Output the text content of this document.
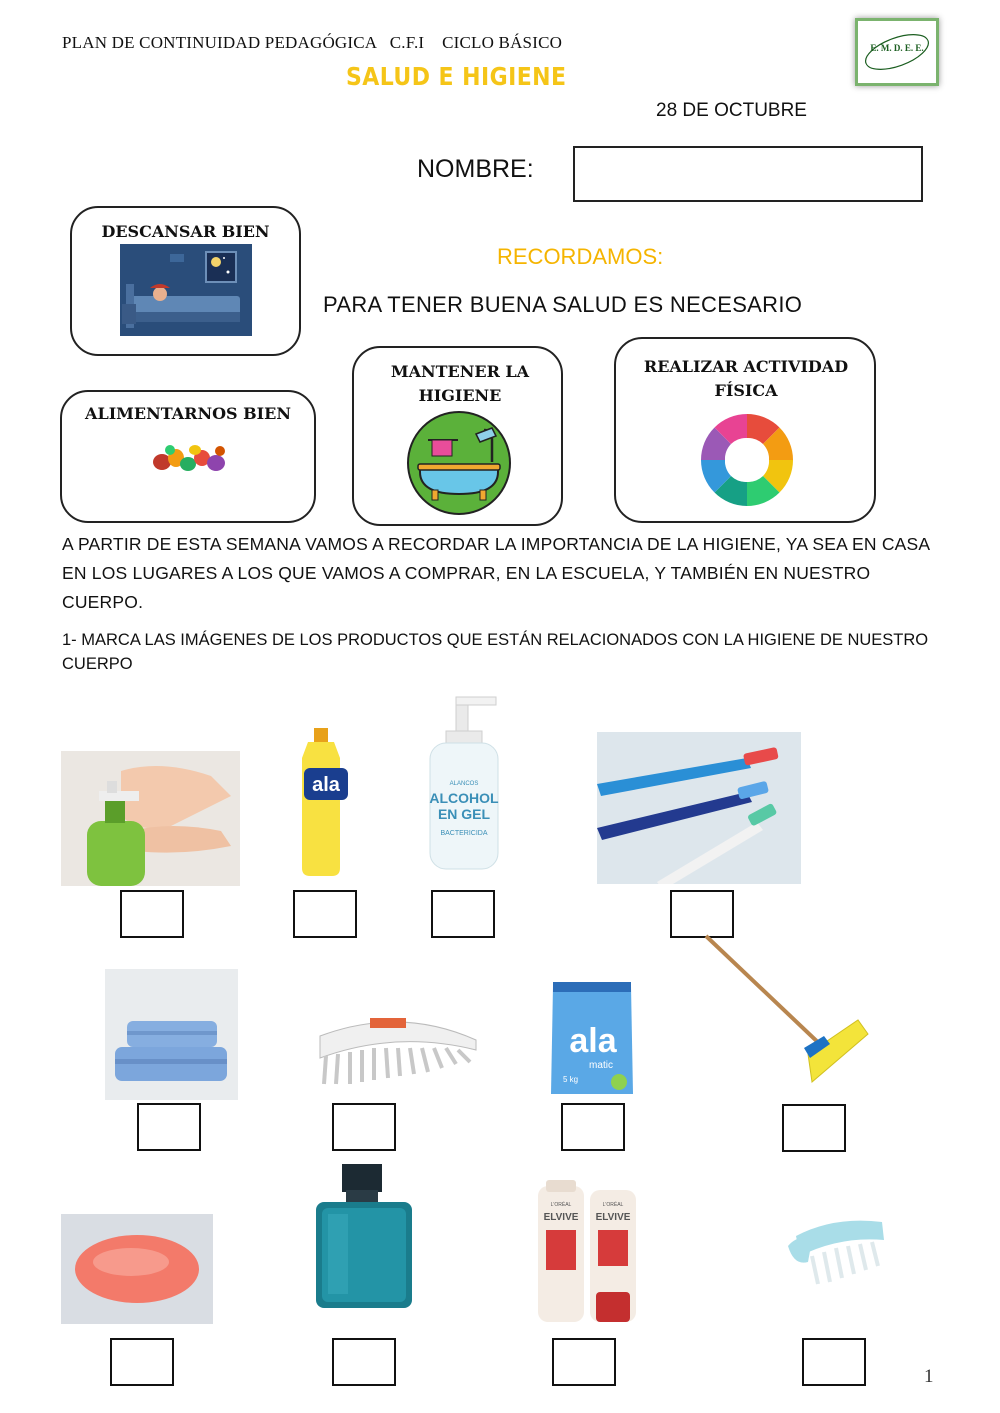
PLAN DE CONTINUIDAD PEDAGÓGICA   C.F.I    CICLO BÁSICO	E. M. D. E. E.
SALUD E HIGIENE
28 DE OCTUBRE
NOMBRE:
DESCANSAR BIEN
RECORDAMOS:
PARA TENER BUENA SALUD ES NECESARIO
ALIMENTARNOS BIEN
MANTENER LA HIGIENE
REALIZAR ACTIVIDAD FÍSICA
A PARTIR DE ESTA SEMANA VAMOS A RECORDAR LA IMPORTANCIA DE LA HIGIENE, YA SEA EN CASA EN LOS LUGARES A LOS QUE VAMOS A COMPRAR, EN LA ESCUELA, Y TAMBIÉN EN NUESTRO CUERPO.
1- MARCA LAS IMÁGENES DE LOS PRODUCTOS QUE ESTÁN RELACIONADOS CON LA HIGIENE DE NUESTRO CUERPO
ala	ALANCOS
ALCOHOL
EN GEL
BACTERICIDA
ala
matic
5 kg
L'ORÉAL
ELVIVE
L'ORÉAL
ELVIVE
1
